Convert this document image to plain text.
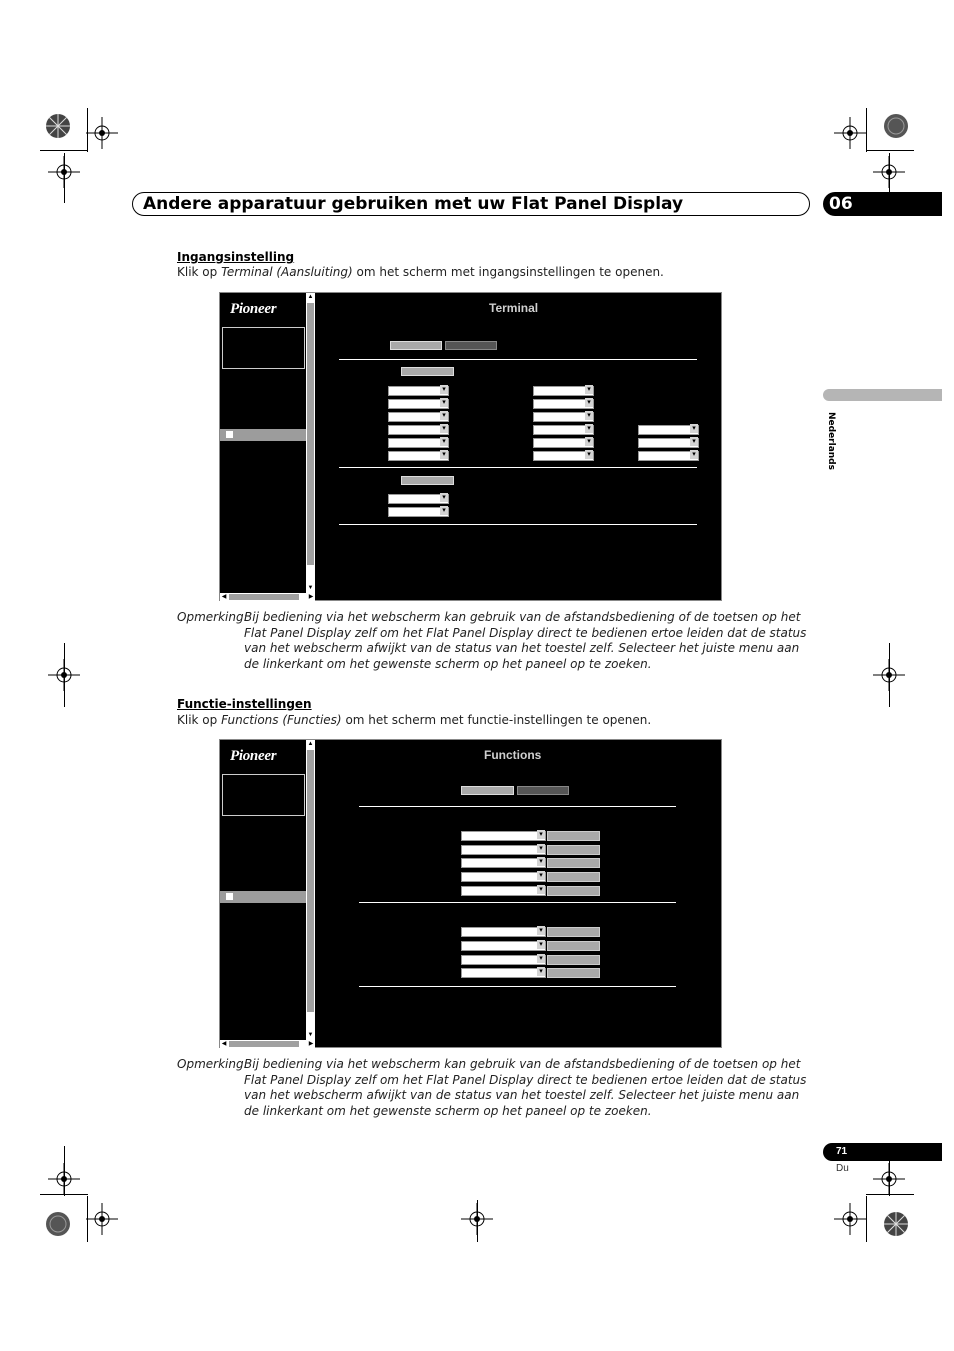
Andere apparatuur gebruiken met uw Flat Panel Display	06
Nederlands
Ingangsinstelling
Klik op Terminal (Aansluiting) om het scherm met ingangsinstellingen te openen.
Pioneer
▲
▼
◀	▶
Terminal
▾
▾
▾
▾
▾
▾
▾
▾
▾
▾
▾
▾
▾
▾
▾
▾
▾
Opmerking:
Bij bediening via het webscherm kan gebruik van de afstandsbediening of de toetsen op het Flat Panel Display zelf om het Flat Panel Display direct te bedienen ertoe leiden dat de status van het webscherm afwijkt van de status van het toestel zelf. Selecteer het juiste menu aan de linkerkant om het gewenste scherm op het paneel op te zoeken.
Functie-instellingen
Klik op Functions (Functies) om het scherm met functie-instellingen te openen.
Pioneer
▲
▼
◀	▶
Functions
▾
▾
▾
▾
▾
▾
▾
▾
▾
Opmerking:
Bij bediening via het webscherm kan gebruik van de afstandsbediening of de toetsen op het Flat Panel Display zelf om het Flat Panel Display direct te bedienen ertoe leiden dat de status van het webscherm afwijkt van de status van het toestel zelf. Selecteer het juiste menu aan de linkerkant om het gewenste scherm op het paneel op te zoeken.
71
Du
